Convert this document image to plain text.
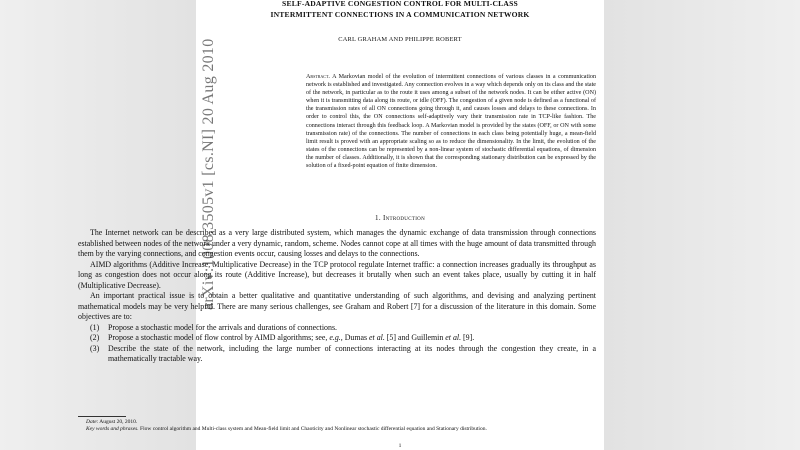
SELF-ADAPTIVE CONGESTION CONTROL FOR MULTI-CLASS
INTERMITTENT CONNECTIONS IN A COMMUNICATION NETWORK
CARL GRAHAM AND PHILIPPE ROBERT
Abstract. A Markovian model of the evolution of intermittent connections of various classes in a communication network is established and investigated. Any connection evolves in a way which depends only on its class and the state of the network, in particular as to the route it uses among a subset of the network nodes. It can be either active (ON) when it is transmitting data along its route, or idle (OFF). The congestion of a given node is defined as a functional of the transmission rates of all ON connections going through it, and causes losses and delays to these connections. In order to control this, the ON connections self-adaptively vary their transmission rate in TCP-like fashion. The connections interact through this feedback loop. A Markovian model is provided by the states (OFF, or ON with some transmission rate) of the connections. The number of connections in each class being potentially huge, a mean-field limit result is proved with an appropriate scaling so as to reduce the dimensionality. In the limit, the evolution of the states of the connections can be represented by a non-linear system of stochastic differential equations, of dimension the number of classes. Additionally, it is shown that the corresponding stationary distribution can be expressed by the solution of a fixed-point equation of finite dimension.
1. Introduction
1
arXiv:1008.3505v1 [cs.NI] 20 Aug 2010

The Internet network can be described as a very large distributed system, which manages the dynamic exchange of data transmission through connections established between nodes of the network under a very dynamic, random, scheme. Nodes cannot cope at all times with the huge amount of data transmitted through them by the varying connections, and congestion events occur, causing losses and delays to the connections.

AIMD algorithms (Additive Increase, Multiplicative Decrease) in the TCP protocol regulate Internet traffic: a connection increases gradually its throughput as long as congestion does not occur along its route (Additive Increase), but decreases it brutally when such an event takes place, usually by cutting it in half (Multiplicative Decrease).

An important practical issue is to obtain a better qualitative and quantitative understanding of such algorithms, and devising and analyzing pertinent mathematical models may be very helpful. There are many serious challenges, see Graham and Robert [7] for a discussion of the literature in this domain. Some objectives are to:

(1) Propose a stochastic model for the arrivals and durations of connections.
(2) Propose a stochastic model of flow control by AIMD algorithms; see, e.g., Dumas et al. [5] and Guillemin et al. [9].
(3) Describe the state of the network, including the large number of connections interacting at its nodes through the congestion they create, in a mathematically tractable way.

Date: August 20, 2010.

Key words and phrases. Flow control algorithm and Multi-class system and Mean-field limit and Chaoticity and Nonlinear stochastic differential equation and Stationary distribution.
